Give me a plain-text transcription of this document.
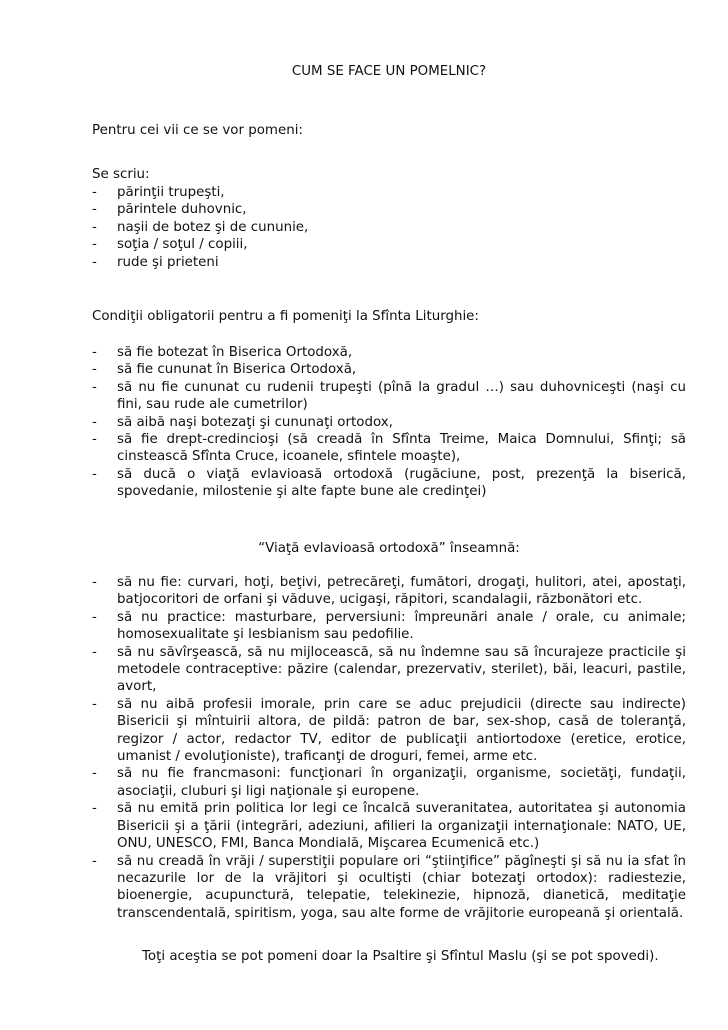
CUM SE FACE UN POMELNIC?
Pentru cei vii ce se vor pomeni:
Se scriu:
- părinţii trupeşti,
- părintele duhovnic,
- naşii de botez şi de cununie,
- soţia / soţul / copiii,
- rude şi prieteni
Condiţii obligatorii pentru a fi pomeniţi la Sfînta Liturghie:
- să fie botezat în Biserica Ortodoxă,
- să fie cununat în Biserica Ortodoxă,
- să nu fie cununat cu rudenii trupeşti (pînă la gradul …) sau duhovniceşti (naşi cu fini, sau rude ale cumetrilor)
- să aibă naşi botezaţi şi cununaţi ortodox,
- să fie drept-credincioşi (să creadă în Sfînta Treime, Maica Domnului, Sfinţi; să cinstească Sfînta Cruce, icoanele, sfintele moaşte),
- să ducă o viaţă evlavioasă ortodoxă (rugăciune, post, prezenţă la biserică, spovedanie, milostenie şi alte fapte bune ale credinţei)
“Viaţă evlavioasă ortodoxă” înseamnă:
- să nu fie: curvari, hoţi, beţivi, petrecăreţi, fumători, drogaţi, hulitori, atei, apostaţi, batjocoritori de orfani şi văduve, ucigaşi, răpitori, scandalagii, războnători etc.
- să nu practice: masturbare, perversiuni: împreunări anale / orale, cu animale; homosexualitate şi lesbianism sau pedofilie.
- să nu săvîrşească, să nu mijlocească, să nu îndemne sau să încurajeze practicile şi metodele contraceptive: păzire (calendar, prezervativ, sterilet), băi, leacuri, pastile, avort,
- să nu aibă profesii imorale, prin care se aduc prejudicii (directe sau indirecte) Bisericii şi mîntuirii altora, de pildă: patron de bar, sex-shop, casă de toleranţă, regizor / actor, redactor TV, editor de publicaţii antiortodoxe (eretice, erotice, umanist / evoluţioniste), traficanţi de droguri, femei, arme etc.
- să nu fie francmasoni: funcţionari în organizaţii, organisme, societăţi, fundaţii, asociaţii, cluburi şi ligi naţionale şi europene.
- să nu emită prin politica lor legi ce încalcă suveranitatea, autoritatea şi autonomia Bisericii şi a ţării (integrări, adeziuni, afilieri la organizaţii internaţionale: NATO, UE, ONU, UNESCO, FMI, Banca Mondială, Mişcarea Ecumenică etc.)
- să nu creadă în vrăji / superstiţii populare ori “ştiinţifice” păgîneşti şi să nu ia sfat în necazurile lor de la vrăjitori şi ocultişti (chiar botezaţi ortodox): radiestezie, bioenergie, acupunctură, telepatie, telekinezie, hipnoză, dianetică, meditaţie transcendentală, spiritism, yoga, sau alte forme de vrăjitorie europeană şi orientală.
Toţi aceştia se pot pomeni doar la Psaltire şi Sfîntul Maslu (şi se pot spovedi).
